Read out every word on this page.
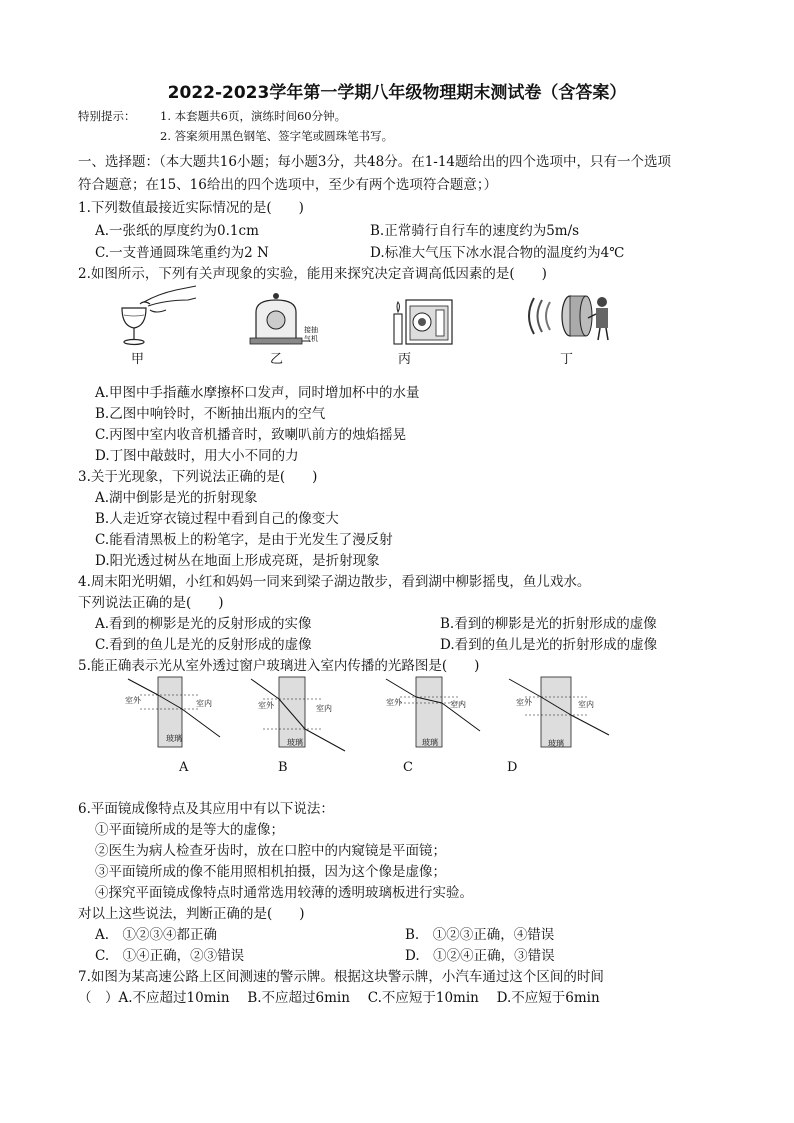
2022-2023学年第一学期八年级物理期末测试卷（含答案）
特别提示： 1. 本套题共6页，演练时间60分钟。
2. 答案须用黑色钢笔、签字笔或圆珠笔书写。
一、选择题：（本大题共16小题；每小题3分，共48分。在1-14题给出的四个选项中，只有一个选项
符合题意；在15、16给出的四个选项中，至少有两个选项符合题意；）
1.下列数值最接近实际情况的是(　　)
A.一张纸的厚度约为0.1cm	B.正常骑行自行车的速度约为5m/s
C.一支普通圆珠笔重约为2 N	D.标准大气压下冰水混合物的温度约为4℃
2.如图所示，下列有关声现象的实验，能用来探究决定音调高低因素的是(　　)
甲
接抽
气机
乙	丙	丁
A.甲图中手指蘸水摩擦杯口发声，同时增加杯中的水量
B.乙图中响铃时，不断抽出瓶内的空气
C.丙图中室内收音机播音时，致喇叭前方的烛焰摇晃
D.丁图中敲鼓时，用大小不同的力
3.关于光现象，下列说法正确的是(　　)
A.湖中倒影是光的折射现象
B.人走近穿衣镜过程中看到自己的像变大
C.能看清黑板上的粉笔字，是由于光发生了漫反射
D.阳光透过树丛在地面上形成亮斑，是折射现象
4.周末阳光明媚，小红和妈妈一同来到梁子湖边散步，看到湖中柳影摇曳，鱼儿戏水。
下列说法正确的是(　　)
A.看到的柳影是光的反射形成的实像	B.看到的柳影是光的折射形成的虚像
C.看到的鱼儿是光的反射形成的虚像	D.看到的鱼儿是光的折射形成的虚像
5.能正确表示光从室外透过窗户玻璃进入室内传播的光路图是(　　)
室外	室内
玻璃
A
室外	室内
玻璃
B
室外	室内
玻璃
C
室外	室内
玻璃
D
6.平面镜成像特点及其应用中有以下说法：
①平面镜所成的是等大的虚像；
②医生为病人检查牙齿时，放在口腔中的内窥镜是平面镜；
③平面镜所成的像不能用照相机拍摄，因为这个像是虚像；
④探究平面镜成像特点时通常选用较薄的透明玻璃板进行实验。
对以上这些说法，判断正确的是(　　)
A.　①②③④都正确	B.　①②③正确，④错误
C.　①④正确，②③错误	D.　①②④正确，③错误
7.如图为某高速公路上区间测速的警示牌。根据这块警示牌，小汽车通过这个区间的时间
（　）A.不应超过10min　 B.不应超过6min　 C.不应短于10min　 D.不应短于6min
